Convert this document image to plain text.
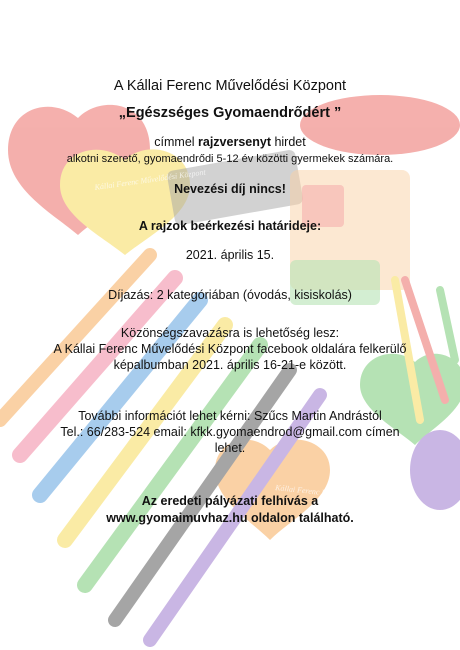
Kállai Ferenc Művelődési Központ
Kállai Ferenc Művelődési Központ
A Kállai Ferenc Művelődési Központ
„Egészséges Gyomaendrődért ”
címmel rajzversenyt hirdet
alkotni szerető, gyomaendrődi 5-12 év közötti gyermekek számára.
Nevezési díj nincs!
A rajzok beérkezési határideje:
2021. április 15.
Díjazás: 2 kategóriában (óvodás, kisiskolás)
Közönségszavazásra is lehetőség lesz:
A Kállai Ferenc Művelődési Központ facebook oldalára felkerülő
képalbumban 2021. április 16-21-e között.
További információt lehet kérni: Szűcs Martin Andrástól
Tel.: 66/283-524 email: kfkk.gyomaendrod@gmail.com címen
lehet.
Az eredeti pályázati felhívás a
www.gyomaimuvhaz.hu oldalon található.
